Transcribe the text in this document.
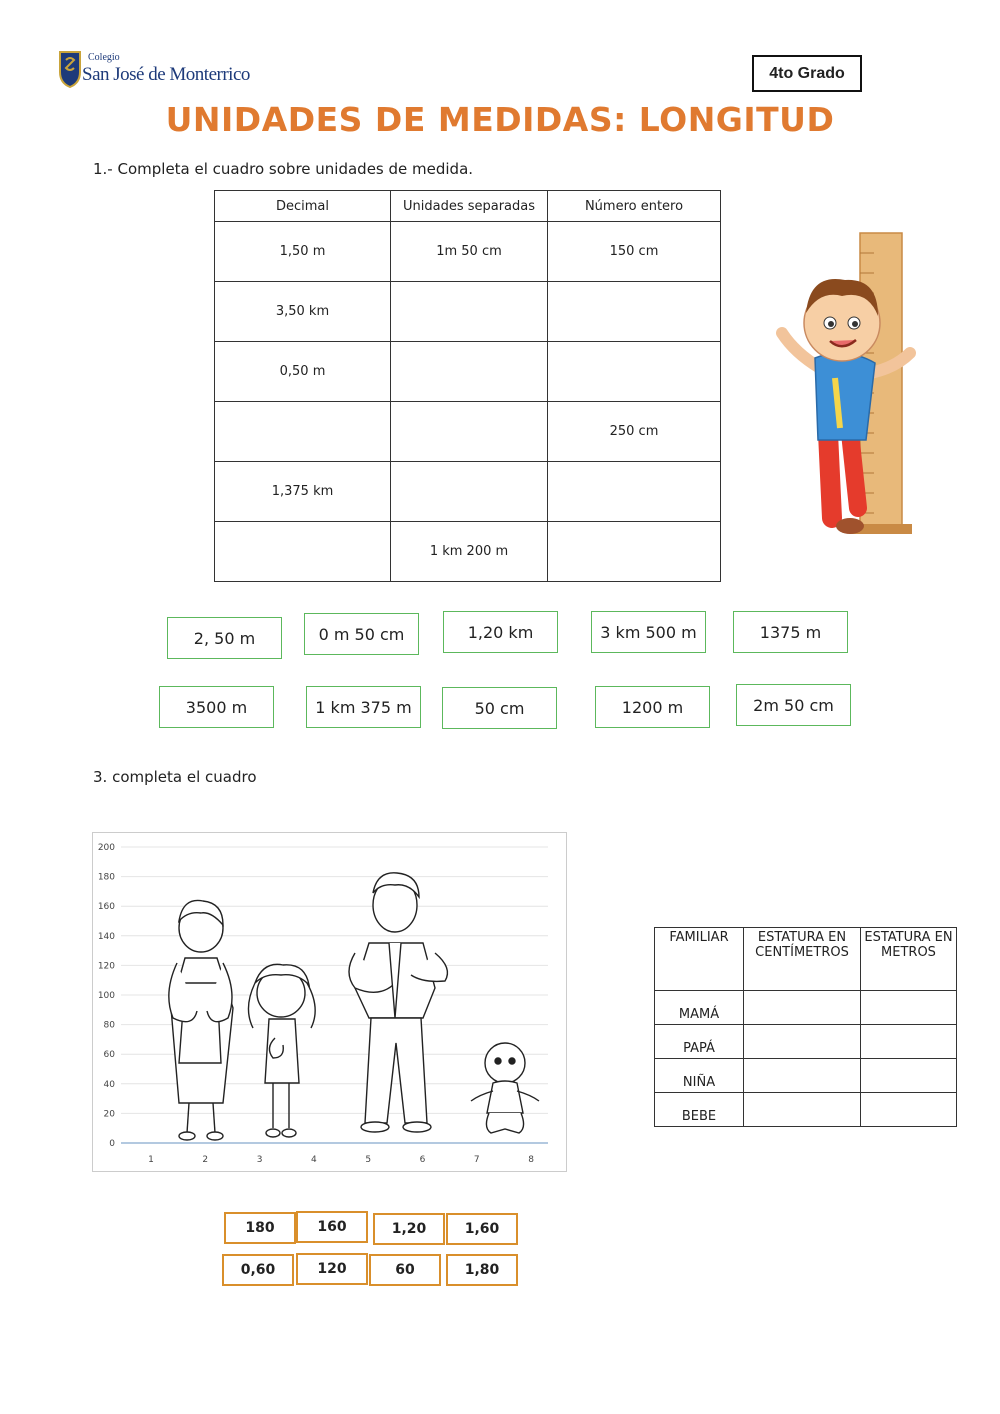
Colegio
San José de Monterrico	4to Grado
UNIDADES DE MEDIDAS: LONGITUD
1.- Completa el cuadro sobre unidades de medida.
Decimal	Unidades separadas	Número entero
1,50 m	1m 50 cm	150 cm
3,50 km		
0,50 m		
		250 cm
1,375 km		
	1 km 200 m	
2, 50 m	0 m 50 cm	1,20 km	3 km 500 m	1375 m
3500 m	1 km 375 m	50 cm	1200 m	2m 50 cm
3. completa el cuadro
200
180
160
140
120
100
80
60
40
20
0
1	2	3	4	5	6	7	8
FAMILIAR	ESTATURA EN CENTÍMETROS	ESTATURA EN METROS
MAMÁ		
PAPÁ		
NIÑA		
BEBE		
180	160	1,20	1,60
0,60	120	60	1,80
